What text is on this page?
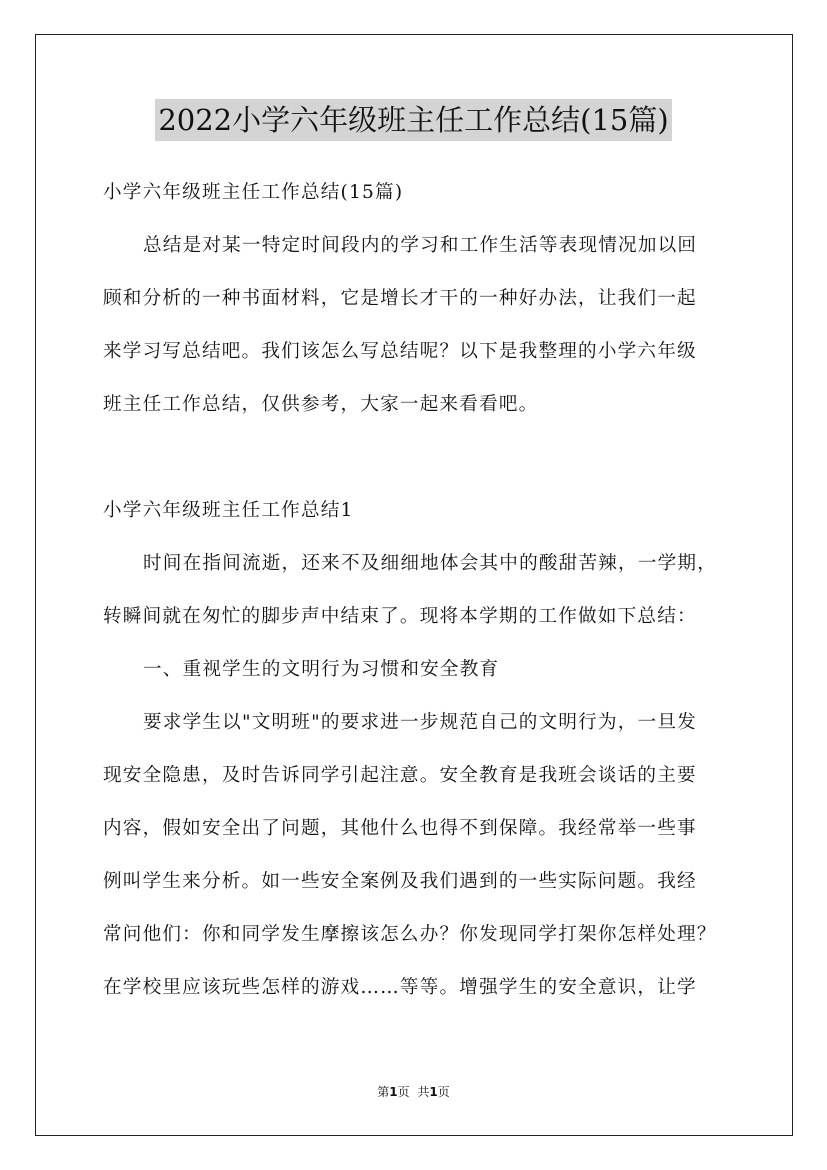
2022小学六年级班主任工作总结(15篇)
小学六年级班主任工作总结(15篇)
总结是对某一特定时间段内的学习和工作生活等表现情况加以回
顾和分析的一种书面材料，它是增长才干的一种好办法，让我们一起
来学习写总结吧。我们该怎么写总结呢？以下是我整理的小学六年级
班主任工作总结，仅供参考，大家一起来看看吧。
小学六年级班主任工作总结1
时间在指间流逝，还来不及细细地体会其中的酸甜苦辣，一学期，
转瞬间就在匆忙的脚步声中结束了。现将本学期的工作做如下总结：
一、重视学生的文明行为习惯和安全教育
要求学生以"文明班"的要求进一步规范自己的文明行为，一旦发
现安全隐患，及时告诉同学引起注意。安全教育是我班会谈话的主要
内容，假如安全出了问题，其他什么也得不到保障。我经常举一些事
例叫学生来分析。如一些安全案例及我们遇到的一些实际问题。我经
常问他们：你和同学发生摩擦该怎么办？你发现同学打架你怎样处理？
在学校里应该玩些怎样的游戏……等等。增强学生的安全意识，让学
第1页 共1页
